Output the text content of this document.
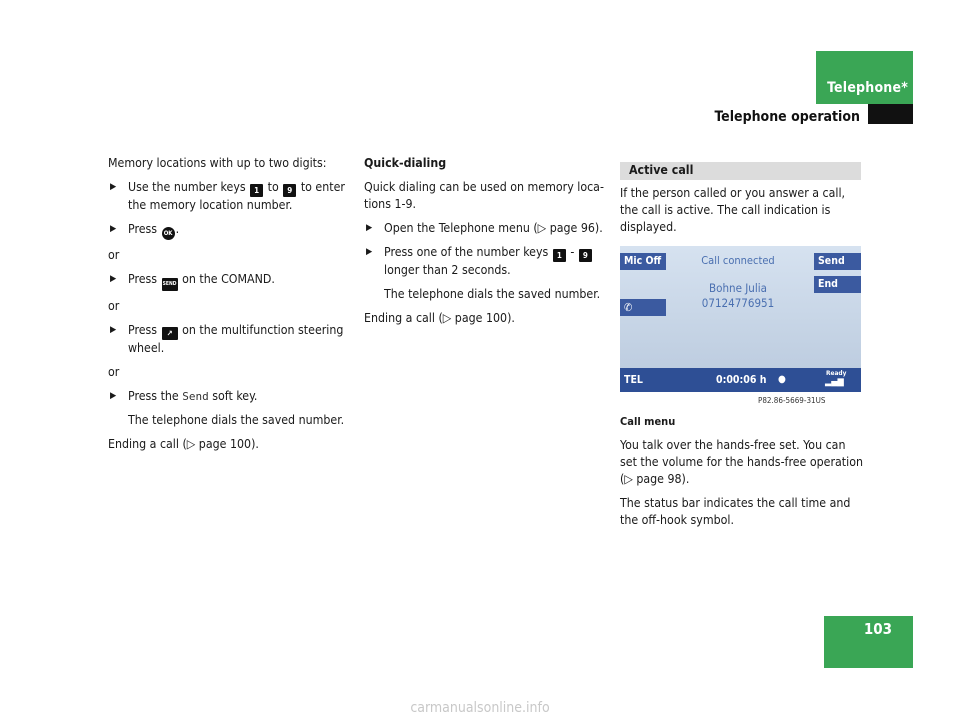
Telephone*
Telephone operation

Memory locations with up to two digits:

▶ Use the number keys 1 to 9 to enter the memory location number.
▶ Press OK .

or

▶ Press SEND on the COMAND.

or

▶ Press ↗ on the multifunction steering wheel.

or

▶ Press the Send soft key.

The telephone dials the saved number.

Ending a call (▷ page 100).

Quick-dialing

Quick dialing can be used on memory loca- tions 1-9.

▶ Open the Telephone menu (▷ page 96).
▶ Press one of the number keys 1 - 9 longer than 2 seconds.

The telephone dials the saved number.

Ending a call (▷ page 100).

Active call

If the person called or you answer a call, the call is active. The call indication is displayed.

Mic Off	Call connected	Send
End
Bohne Julia
07124776951
✆
TEL	0:00:06 h ●
Ready
▂▄▆
P82.86-5669-31US
Call menu

You talk over the hands-free set. You can set the volume for the hands-free operation (▷ page 98).

The status bar indicates the call time and the off-hook symbol.

103
carmanualsonline.info
